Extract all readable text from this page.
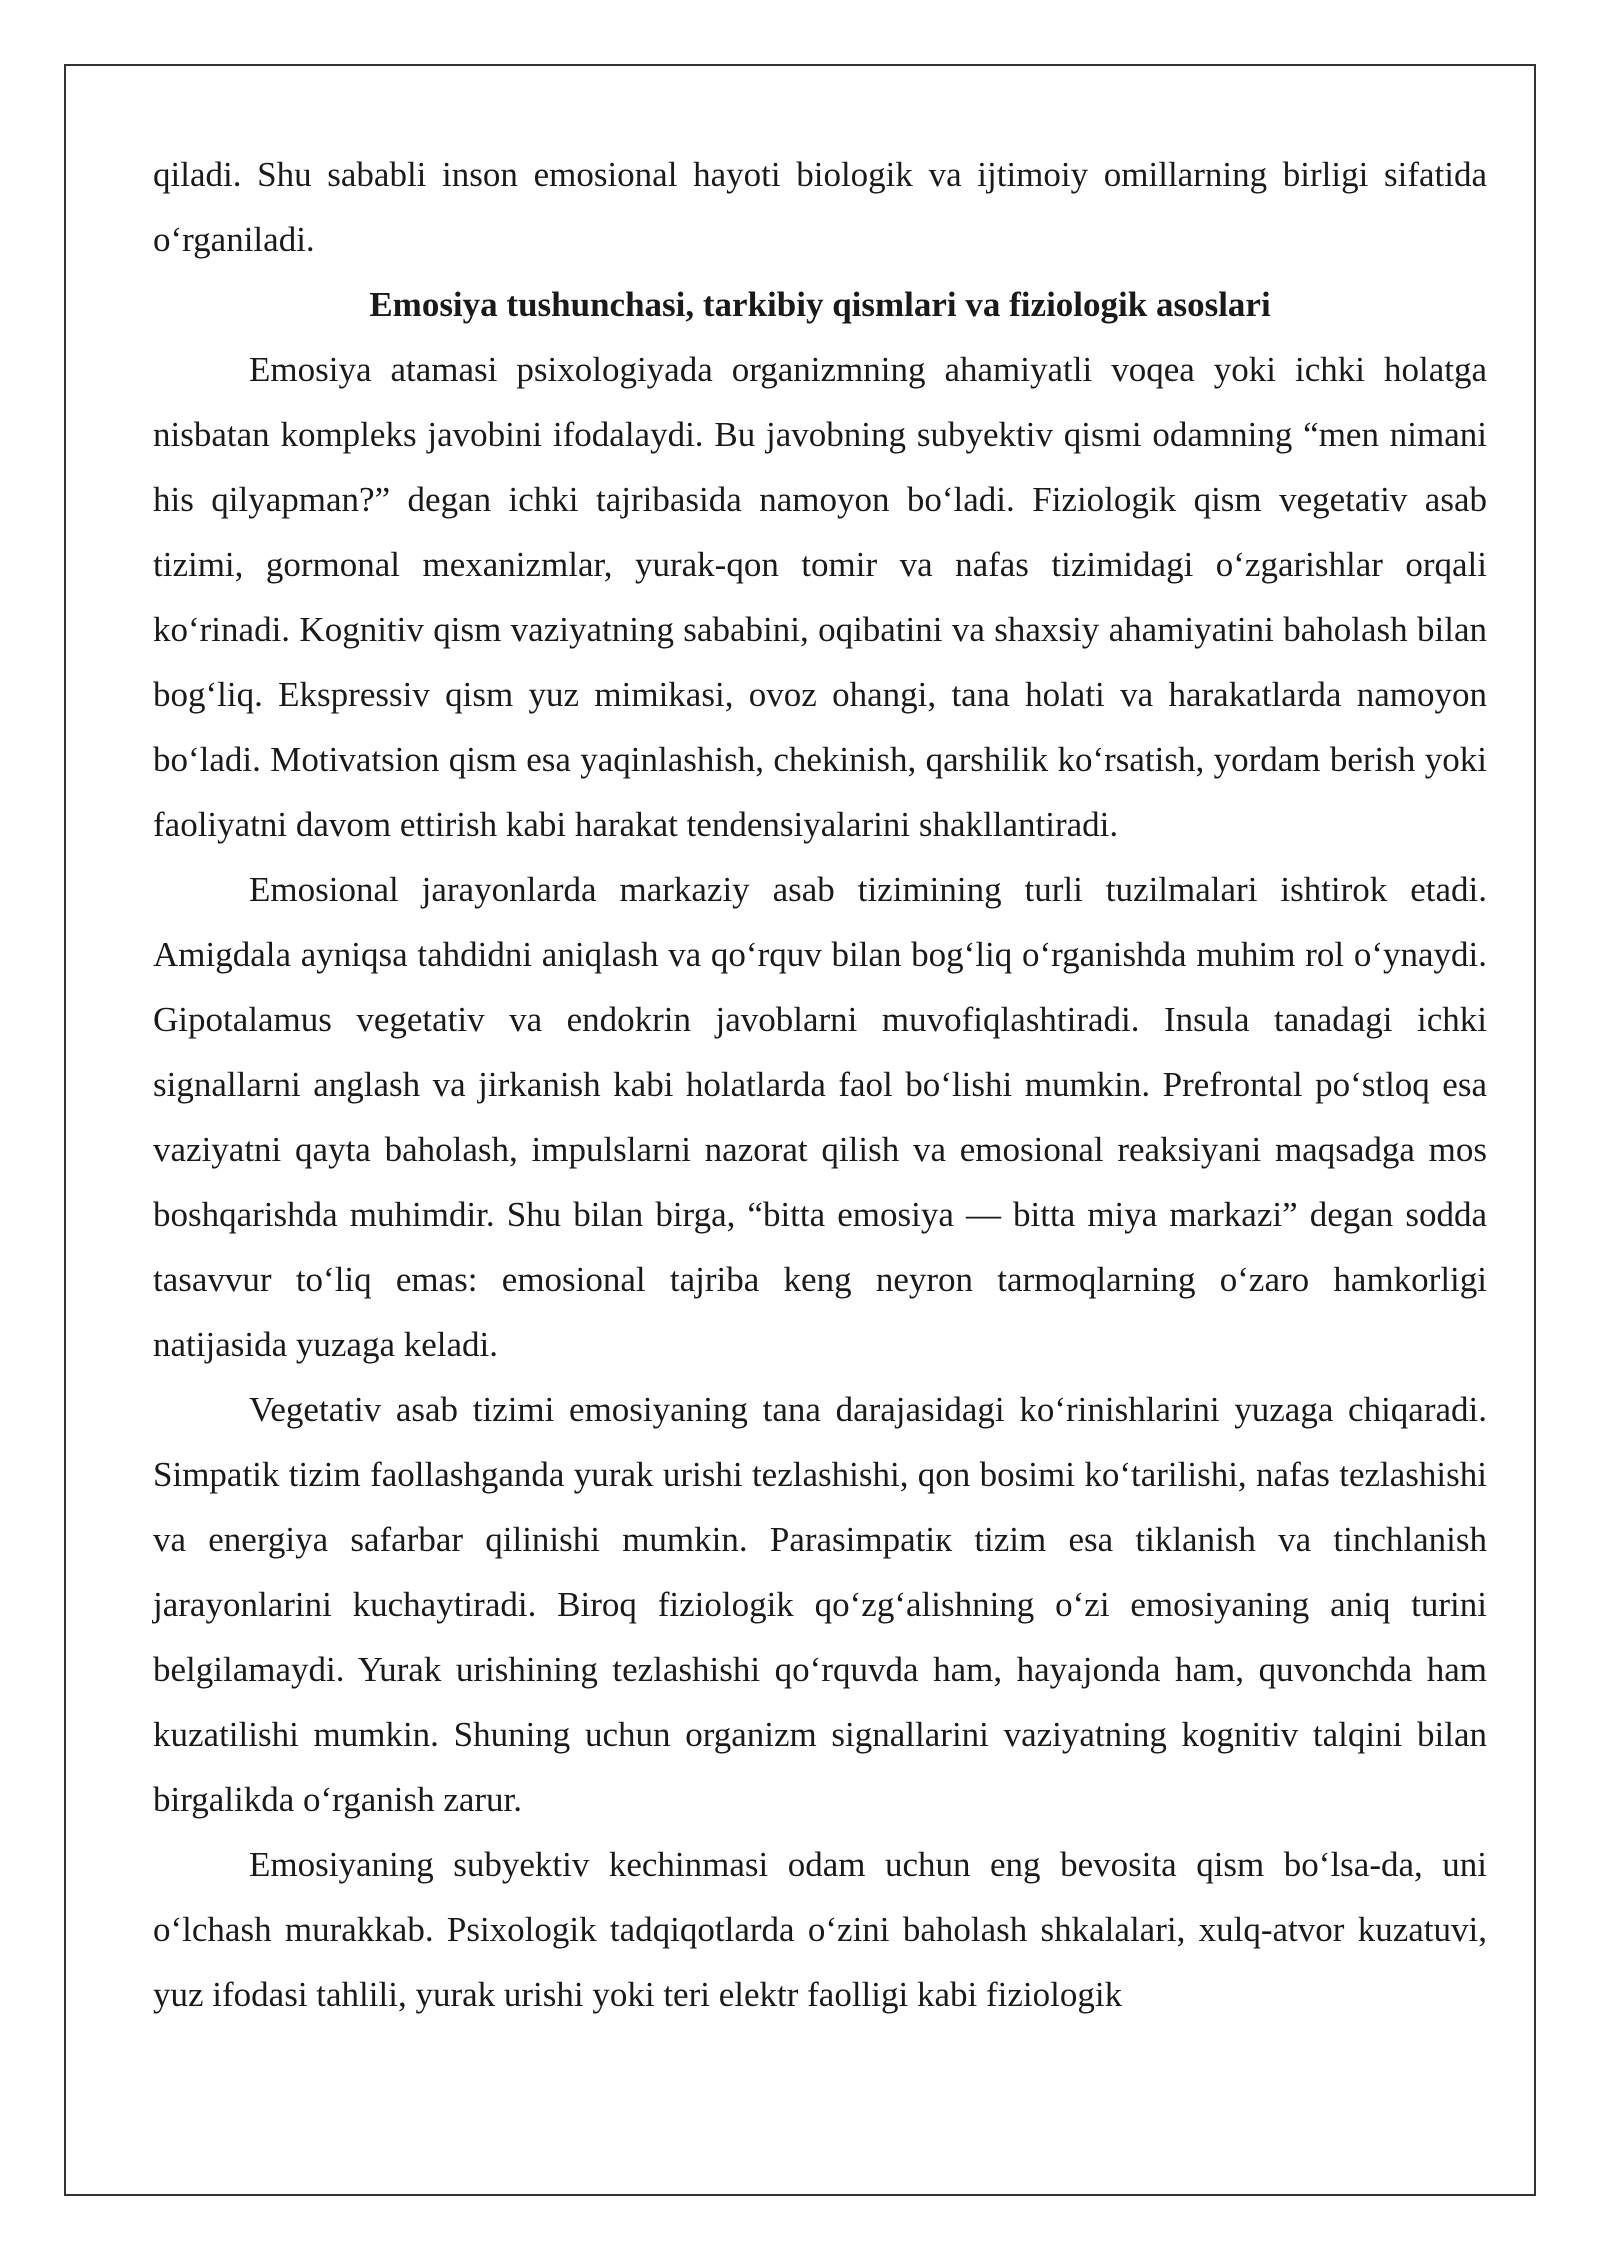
qiladi. Shu sababli inson emosional hayoti biologik va ijtimoiy omillarning birligi sifatida oʻrganiladi.

Emosiya tushunchasi, tarkibiy qismlari va fiziologik asoslari

Emosiya atamasi psixologiyada organizmning ahamiyatli voqea yoki ichki holatga nisbatan kompleks javobini ifodalaydi. Bu javobning subyektiv qismi odamning “men nimani his qilyapman?” degan ichki tajribasida namoyon boʻladi. Fiziologik qism vegetativ asab tizimi, gormonal mexanizmlar, yurak-qon tomir va nafas tizimidagi oʻzgarishlar orqali koʻrinadi. Kognitiv qism vaziyatning sababini, oqibatini va shaxsiy ahamiyatini baholash bilan bogʻliq. Ekspressiv qism yuz mimikasi, ovoz ohangi, tana holati va harakatlarda namoyon boʻladi. Motivatsion qism esa yaqinlashish, chekinish, qarshilik koʻrsatish, yordam berish yoki faoliyatni davom ettirish kabi harakat tendensiyalarini shakllantiradi.

Emosional jarayonlarda markaziy asab tizimining turli tuzilmalari ishtirok etadi. Amigdala ayniqsa tahdidni aniqlash va qoʻrquv bilan bogʻliq oʻrganishda muhim rol oʻynaydi. Gipotalamus vegetativ va endokrin javoblarni muvofiqlashtiradi. Insula tanadagi ichki signallarni anglash va jirkanish kabi holatlarda faol boʻlishi mumkin. Prefrontal poʻstloq esa vaziyatni qayta baholash, impulslarni nazorat qilish va emosional reaksiyani maqsadga mos boshqarishda muhimdir. Shu bilan birga, “bitta emosiya — bitta miya markazi” degan sodda tasavvur toʻliq emas: emosional tajriba keng neyron tarmoqlarning oʻzaro hamkorligi natijasida yuzaga keladi.

Vegetativ asab tizimi emosiyaning tana darajasidagi koʻrinishlarini yuzaga chiqaradi. Simpatik tizim faollashganda yurak urishi tezlashishi, qon bosimi koʻtarilishi, nafas tezlashishi va energiya safarbar qilinishi mumkin. Parasimpatiк tizim esa tiklanish va tinchlanish jarayonlarini kuchaytiradi. Biroq fiziologik qoʻzgʻalishning oʻzi emosiyaning aniq turini belgilamaydi. Yurak urishining tezlashishi qoʻrquvda ham, hayajonda ham, quvonchda ham kuzatilishi mumkin. Shuning uchun organizm signallarini vaziyatning kognitiv talqini bilan birgalikda oʻrganish zarur.

Emosiyaning subyektiv kechinmasi odam uchun eng bevosita qism boʻlsa-da, uni oʻlchash murakkab. Psixologik tadqiqotlarda oʻzini baholash shkalalari, xulq-atvor kuzatuvi, yuz ifodasi tahlili, yurak urishi yoki teri elektr faolligi kabi fiziologik
